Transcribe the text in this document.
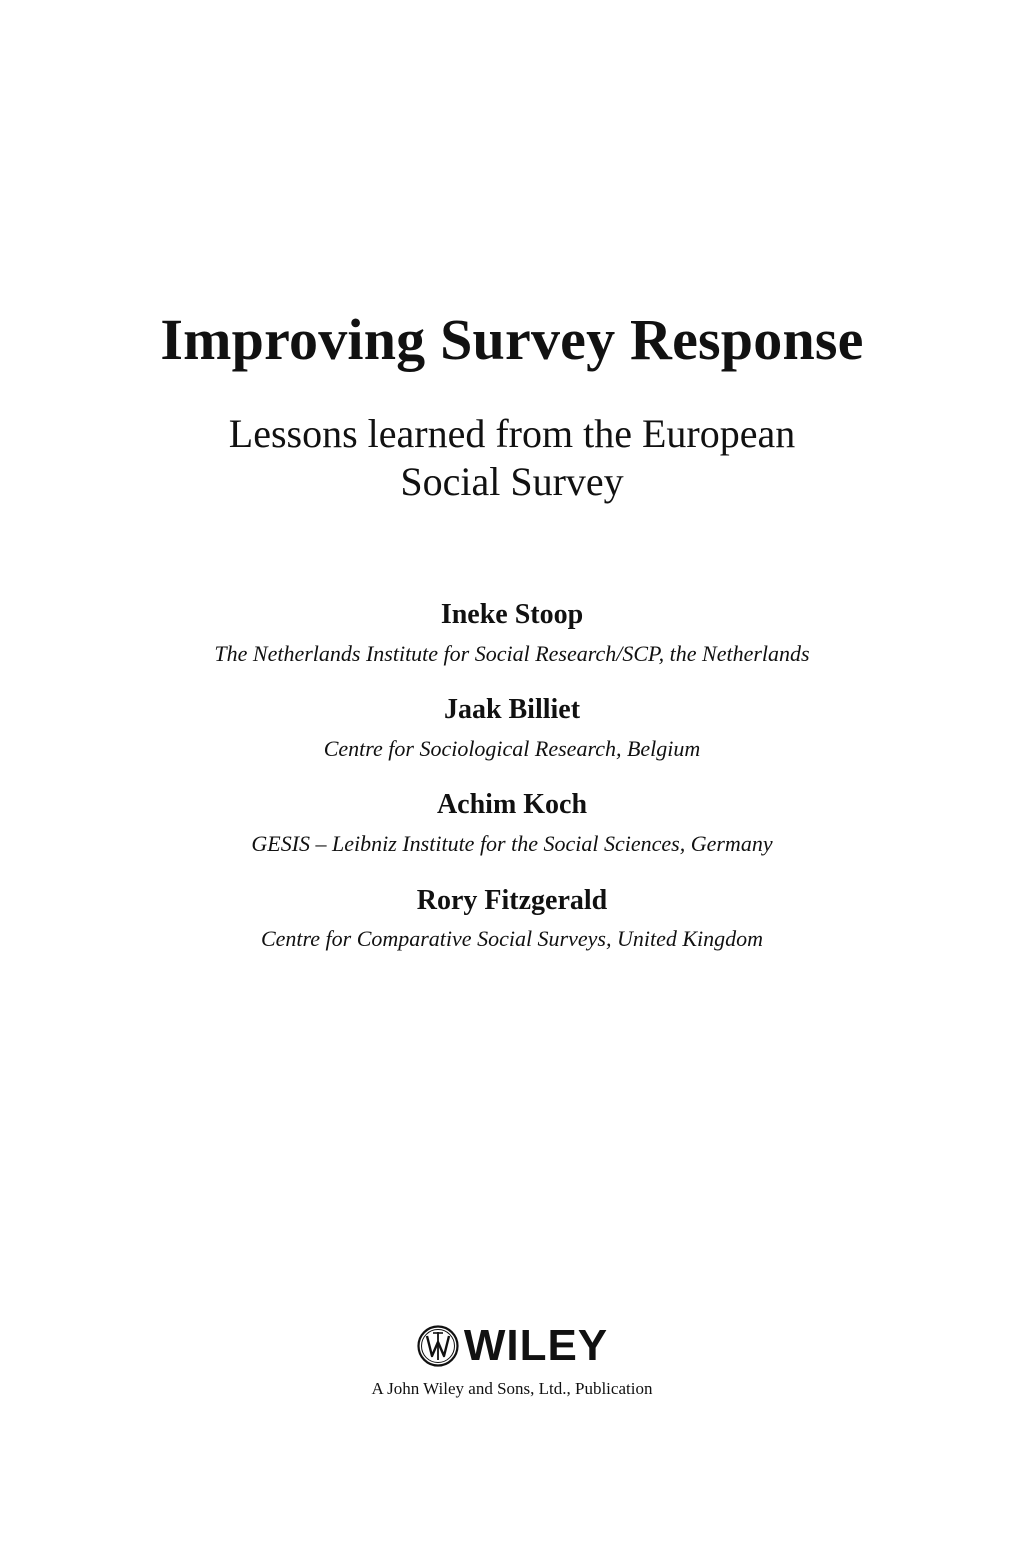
Improving Survey Response
Lessons learned from the European
Social Survey
Ineke Stoop
The Netherlands Institute for Social Research/SCP, the Netherlands
Jaak Billiet
Centre for Sociological Research, Belgium
Achim Koch
GESIS – Leibniz Institute for the Social Sciences, Germany
Rory Fitzgerald
Centre for Comparative Social Surveys, United Kingdom
WILEY
A John Wiley and Sons, Ltd., Publication
